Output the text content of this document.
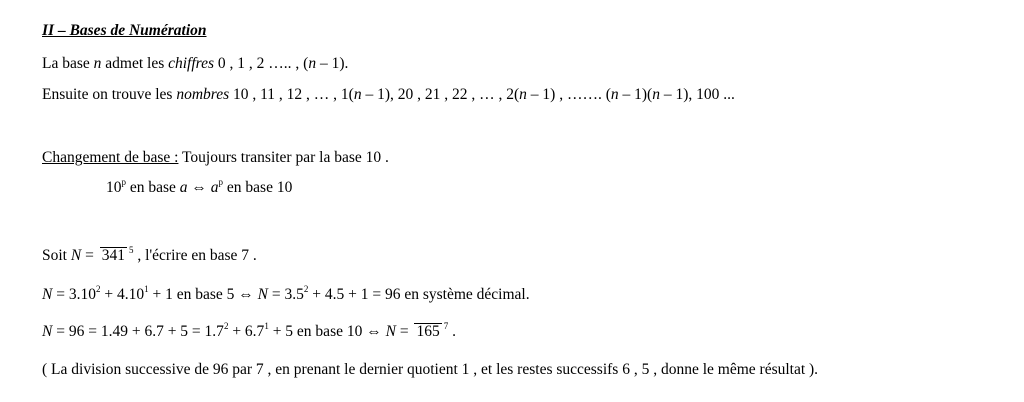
II – Bases de Numération
La base n admet les chiffres 0 , 1 , 2 ….. , (n – 1).
Ensuite on trouve les nombres 10 , 11 , 12 , … , 1(n – 1), 20 , 21 , 22 , … , 2(n – 1) , ……. (n – 1)(n – 1), 100 ...
Changement de base : Toujours transiter par la base 10 .
10$^p$ en base a ⇔ $a^p$ en base 10
Soit N = 341 $^5$ , l'écrire en base 7 .
$N = 3.10^2 + 4.10^1 + 1$ en base 5 ⇔ $N = 3.5^2 + 4.5 + 1 = 96$ en système décimal.
$N = 96 = 1.49 + 6.7 + 5 = 1.7^2 + 6.7^1 + 5$ en base 10 ⇔ N = 165 $^7$ .
( La division successive de 96 par 7 , en prenant le dernier quotient 1 , et les restes successifs 6 , 5 , donne le même résultat ).
